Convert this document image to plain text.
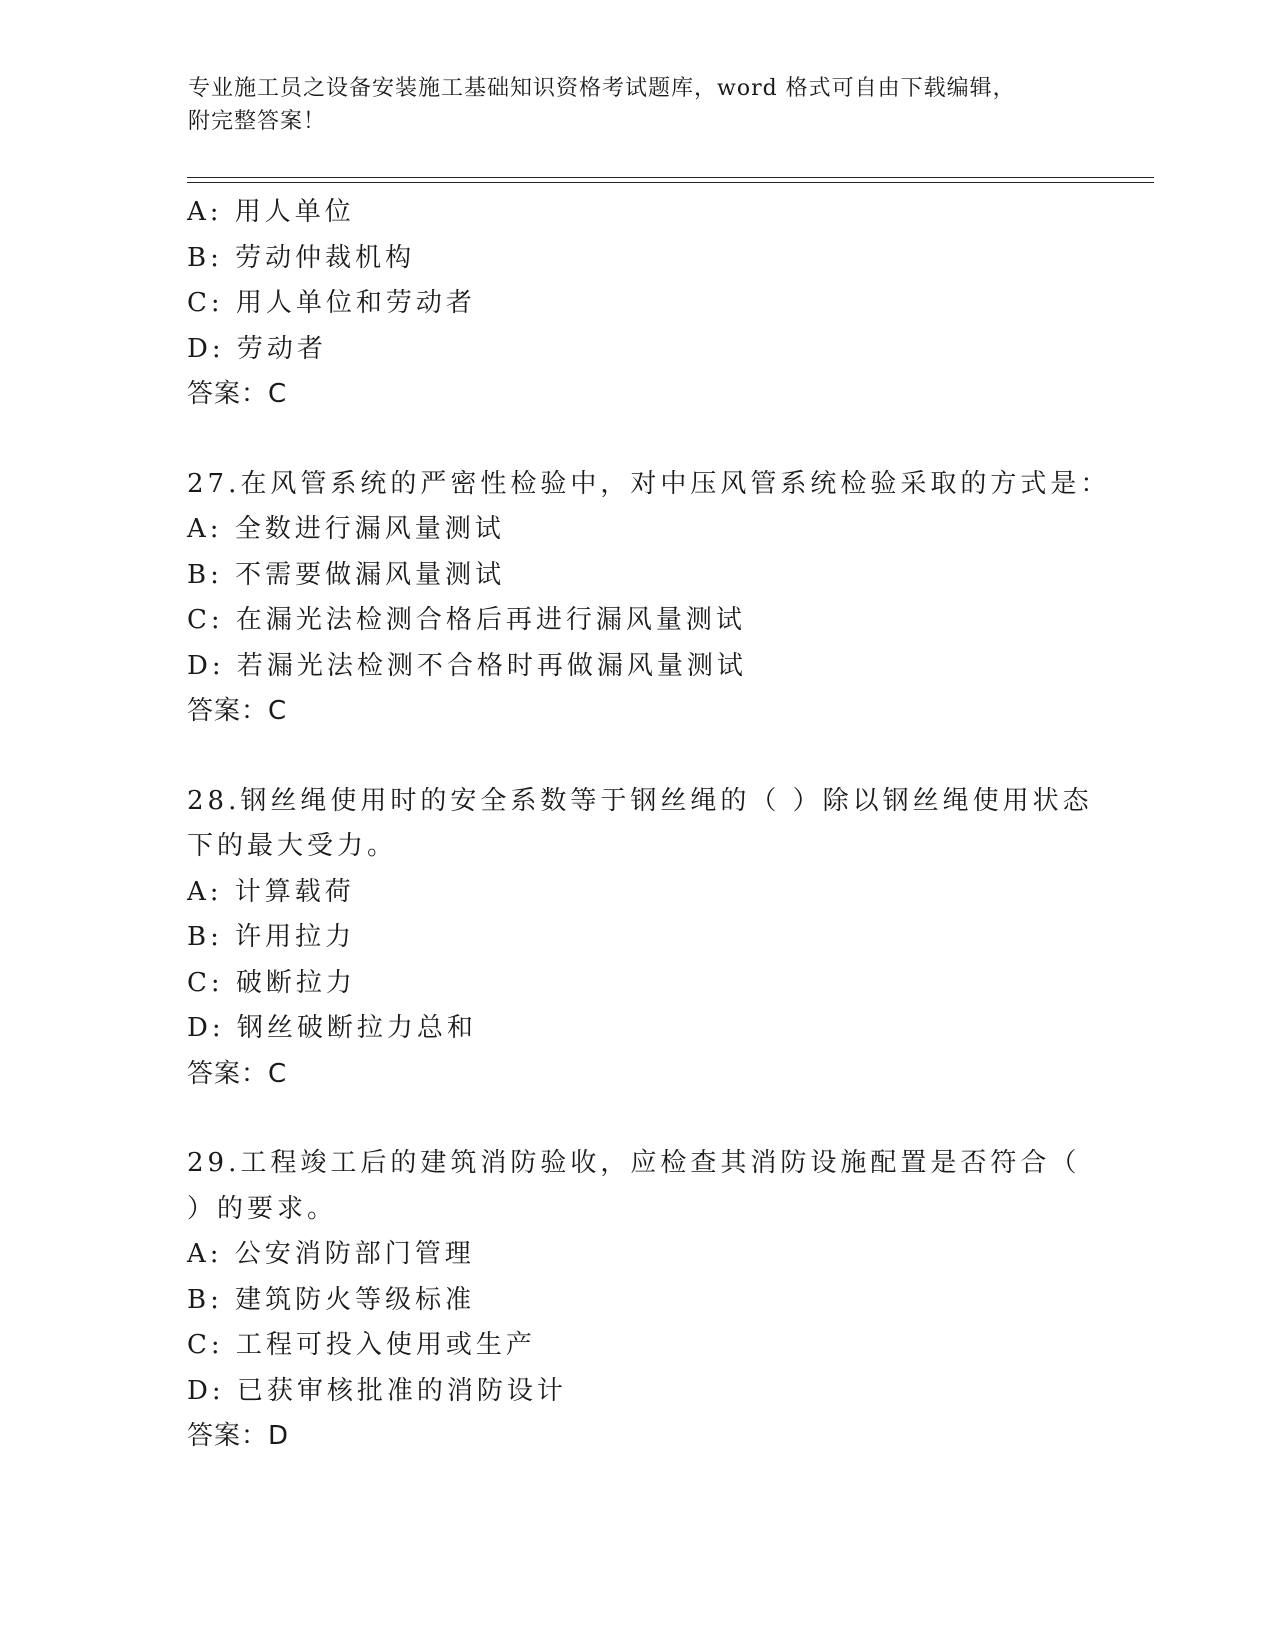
专业施工员之设备安装施工基础知识资格考试题库，word 格式可自由下载编辑，
附完整答案！
A: 用人单位
B: 劳动仲裁机构
C: 用人单位和劳动者
D: 劳动者
答案：C
27.在风管系统的严密性检验中，对中压风管系统检验采取的方式是：
A: 全数进行漏风量测试
B: 不需要做漏风量测试
C: 在漏光法检测合格后再进行漏风量测试
D: 若漏光法检测不合格时再做漏风量测试
答案：C
28.钢丝绳使用时的安全系数等于钢丝绳的（ ）除以钢丝绳使用状态
下的最大受力。
A: 计算载荷
B: 许用拉力
C: 破断拉力
D: 钢丝破断拉力总和
答案：C
29.工程竣工后的建筑消防验收，应检查其消防设施配置是否符合（
）的要求。
A: 公安消防部门管理
B: 建筑防火等级标准
C: 工程可投入使用或生产
D: 已获审核批准的消防设计
答案：D
